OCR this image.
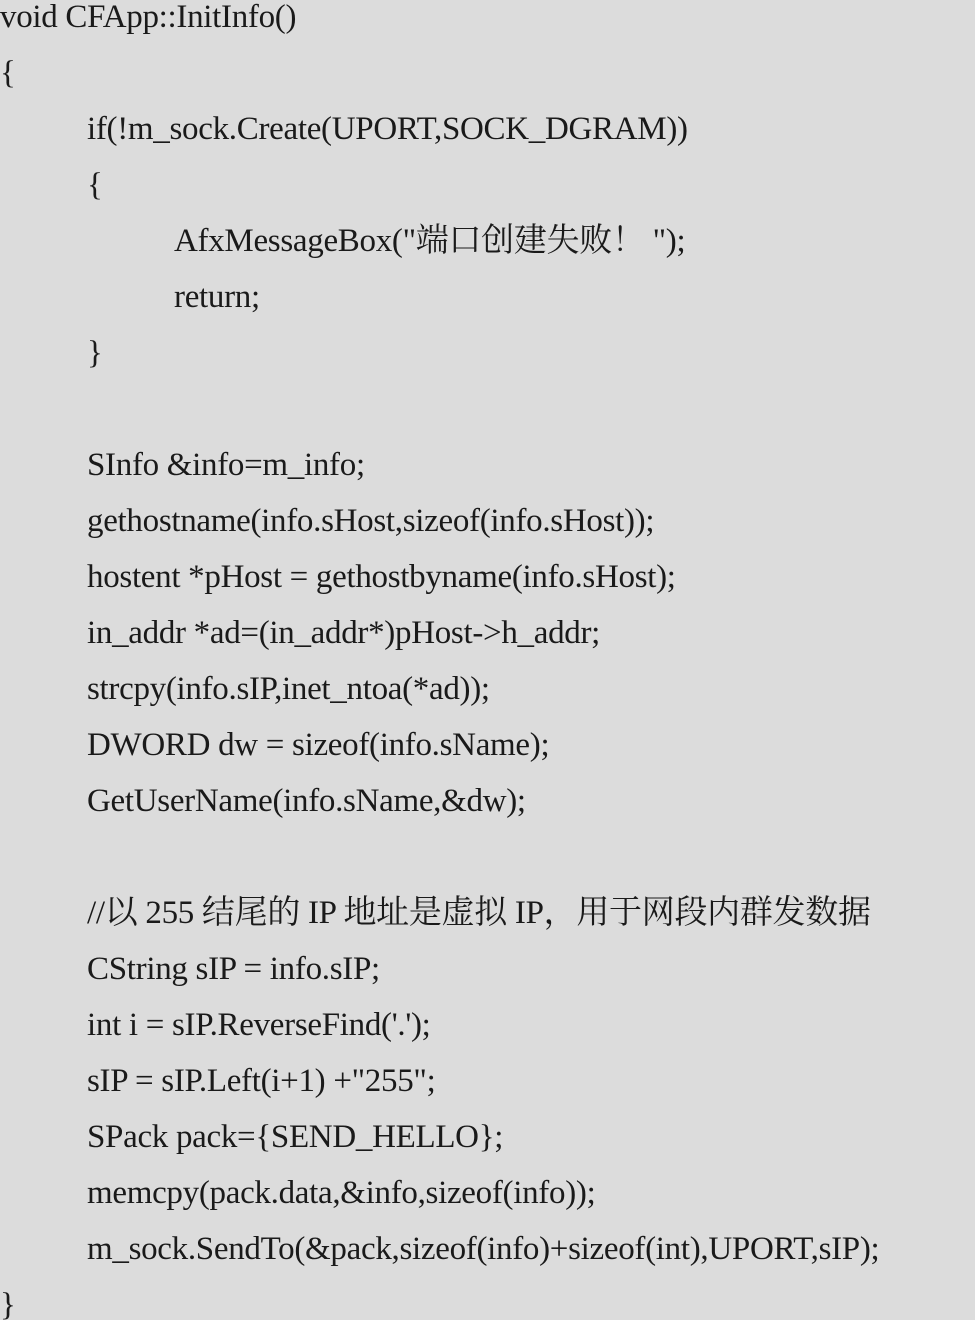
void CFApp::InitInfo()
{
if(!m_sock.Create(UPORT,SOCK_DGRAM))
{
AfxMessageBox("端口创建失败！ ");
return;
}
SInfo &info=m_info;
gethostname(info.sHost,sizeof(info.sHost));
hostent *pHost = gethostbyname(info.sHost);
in_addr *ad=(in_addr*)pHost->h_addr;
strcpy(info.sIP,inet_ntoa(*ad));
DWORD dw = sizeof(info.sName);
GetUserName(info.sName,&dw);
//以 255 结尾的 IP 地址是虚拟 IP，用于网段内群发数据
CString sIP = info.sIP;
int i = sIP.ReverseFind('.');
sIP = sIP.Left(i+1) +"255";
SPack pack={SEND_HELLO};
memcpy(pack.data,&info,sizeof(info));
m_sock.SendTo(&pack,sizeof(info)+sizeof(int),UPORT,sIP);
}
